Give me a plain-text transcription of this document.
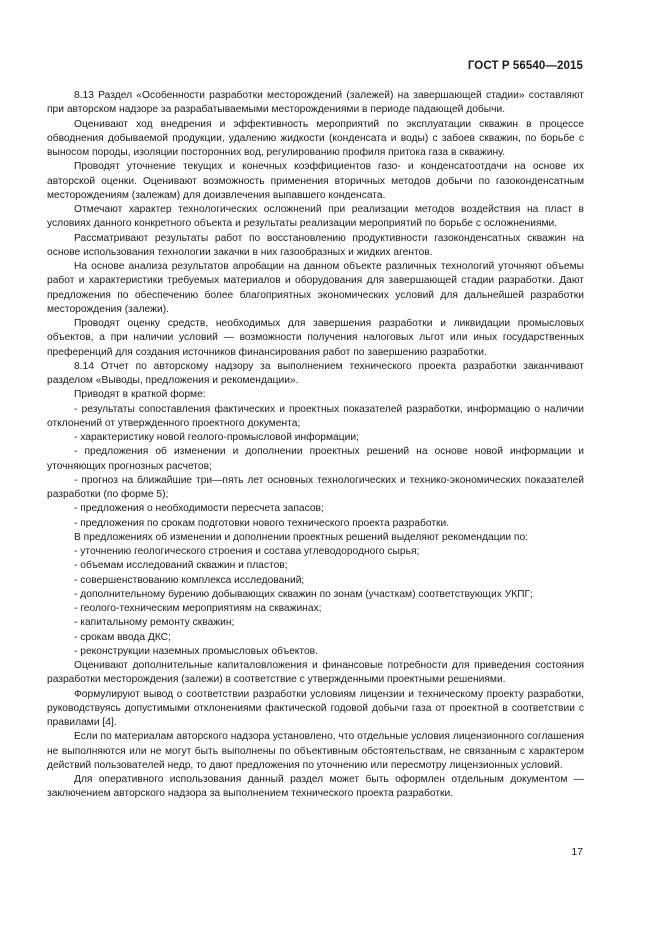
ГОСТ Р 56540—2015

8.13 Раздел «Особенности разработки месторождений (залежей) на завершающей стадии» составляют при авторском надзоре за разрабатываемыми месторождениями в периоде падающей добычи.

Оценивают ход внедрения и эффективность мероприятий по эксплуатации скважин в процессе обводнения добываемой продукции, удалению жидкости (конденсата и воды) с забоев скважин, по борьбе с выносом породы, изоляции посторонних вод, регулированию профиля притока газа в скважину.

Проводят уточнение текущих и конечных коэффициентов газо- и конденсатоотдачи на основе их авторской оценки. Оценивают возможность применения вторичных методов добычи по газоконденсатным месторождениям (залежам) для доизвлечения выпавшего конденсата.

Отмечают характер технологических осложнений при реализации методов воздействия на пласт в условиях данного конкретного объекта и результаты реализации мероприятий по борьбе с осложнениями.

Рассматривают результаты работ по восстановлению продуктивности газоконденсатных скважин на основе использования технологии закачки в них газообразных и жидких агентов.

На основе анализа результатов апробации на данном объекте различных технологий уточняют объемы работ и характеристики требуемых материалов и оборудования для завершающей стадии разработки. Дают предложения по обеспечению более благоприятных экономических условий для дальнейшей разработки месторождения (залежи).

Проводят оценку средств, необходимых для завершения разработки и ликвидации промысловых объектов, а при наличии условий — возможности получения налоговых льгот или иных государственных преференций для создания источников финансирования работ по завершению разработки.

8.14 Отчет по авторскому надзору за выполнением технического проекта разработки заканчивают разделом «Выводы, предложения и рекомендации».

Приводят в краткой форме:

- результаты сопоставления фактических и проектных показателей разработки, информацию о наличии отклонений от утвержденного проектного документа;

- характеристику новой геолого-промысловой информации;

- предложения об изменении и дополнении проектных решений на основе новой информации и уточняющих прогнозных расчетов;

- прогноз на ближайшие три—пять лет основных технологических и технико-экономических показателей разработки (по форме 5);

- предложения о необходимости пересчета запасов;

- предложения по срокам подготовки нового технического проекта разработки.

В предложениях об изменении и дополнении проектных решений выделяют рекомендации по:

- уточнению геологического строения и состава углеводородного сырья;

- объемам исследований скважин и пластов;

- совершенствованию комплекса исследований;

- дополнительному бурению добывающих скважин по зонам (участкам) соответствующих УКПГ;

- геолого-техническим мероприятиям на скважинах;

- капитальному ремонту скважин;

- срокам ввода ДКС;

- реконструкции наземных промысловых объектов.

Оценивают дополнительные капиталовложения и финансовые потребности для приведения состояния разработки месторождения (залежи) в соответствие с утвержденными проектными решениями.

Формулируют вывод о соответствии разработки условиям лицензии и техническому проекту разработки, руководствуясь допустимыми отклонениями фактической годовой добычи газа от проектной в соответствии с правилами [4].

Если по материалам авторского надзора установлено, что отдельные условия лицензионного соглашения не выполняются или не могут быть выполнены по объективным обстоятельствам, не связанным с характером действий пользователей недр, то дают предложения по уточнению или пересмотру лицензионных условий.

Для оперативного использования данный раздел может быть оформлен отдельным документом — заключением авторского надзора за выполнением технического проекта разработки.

17
